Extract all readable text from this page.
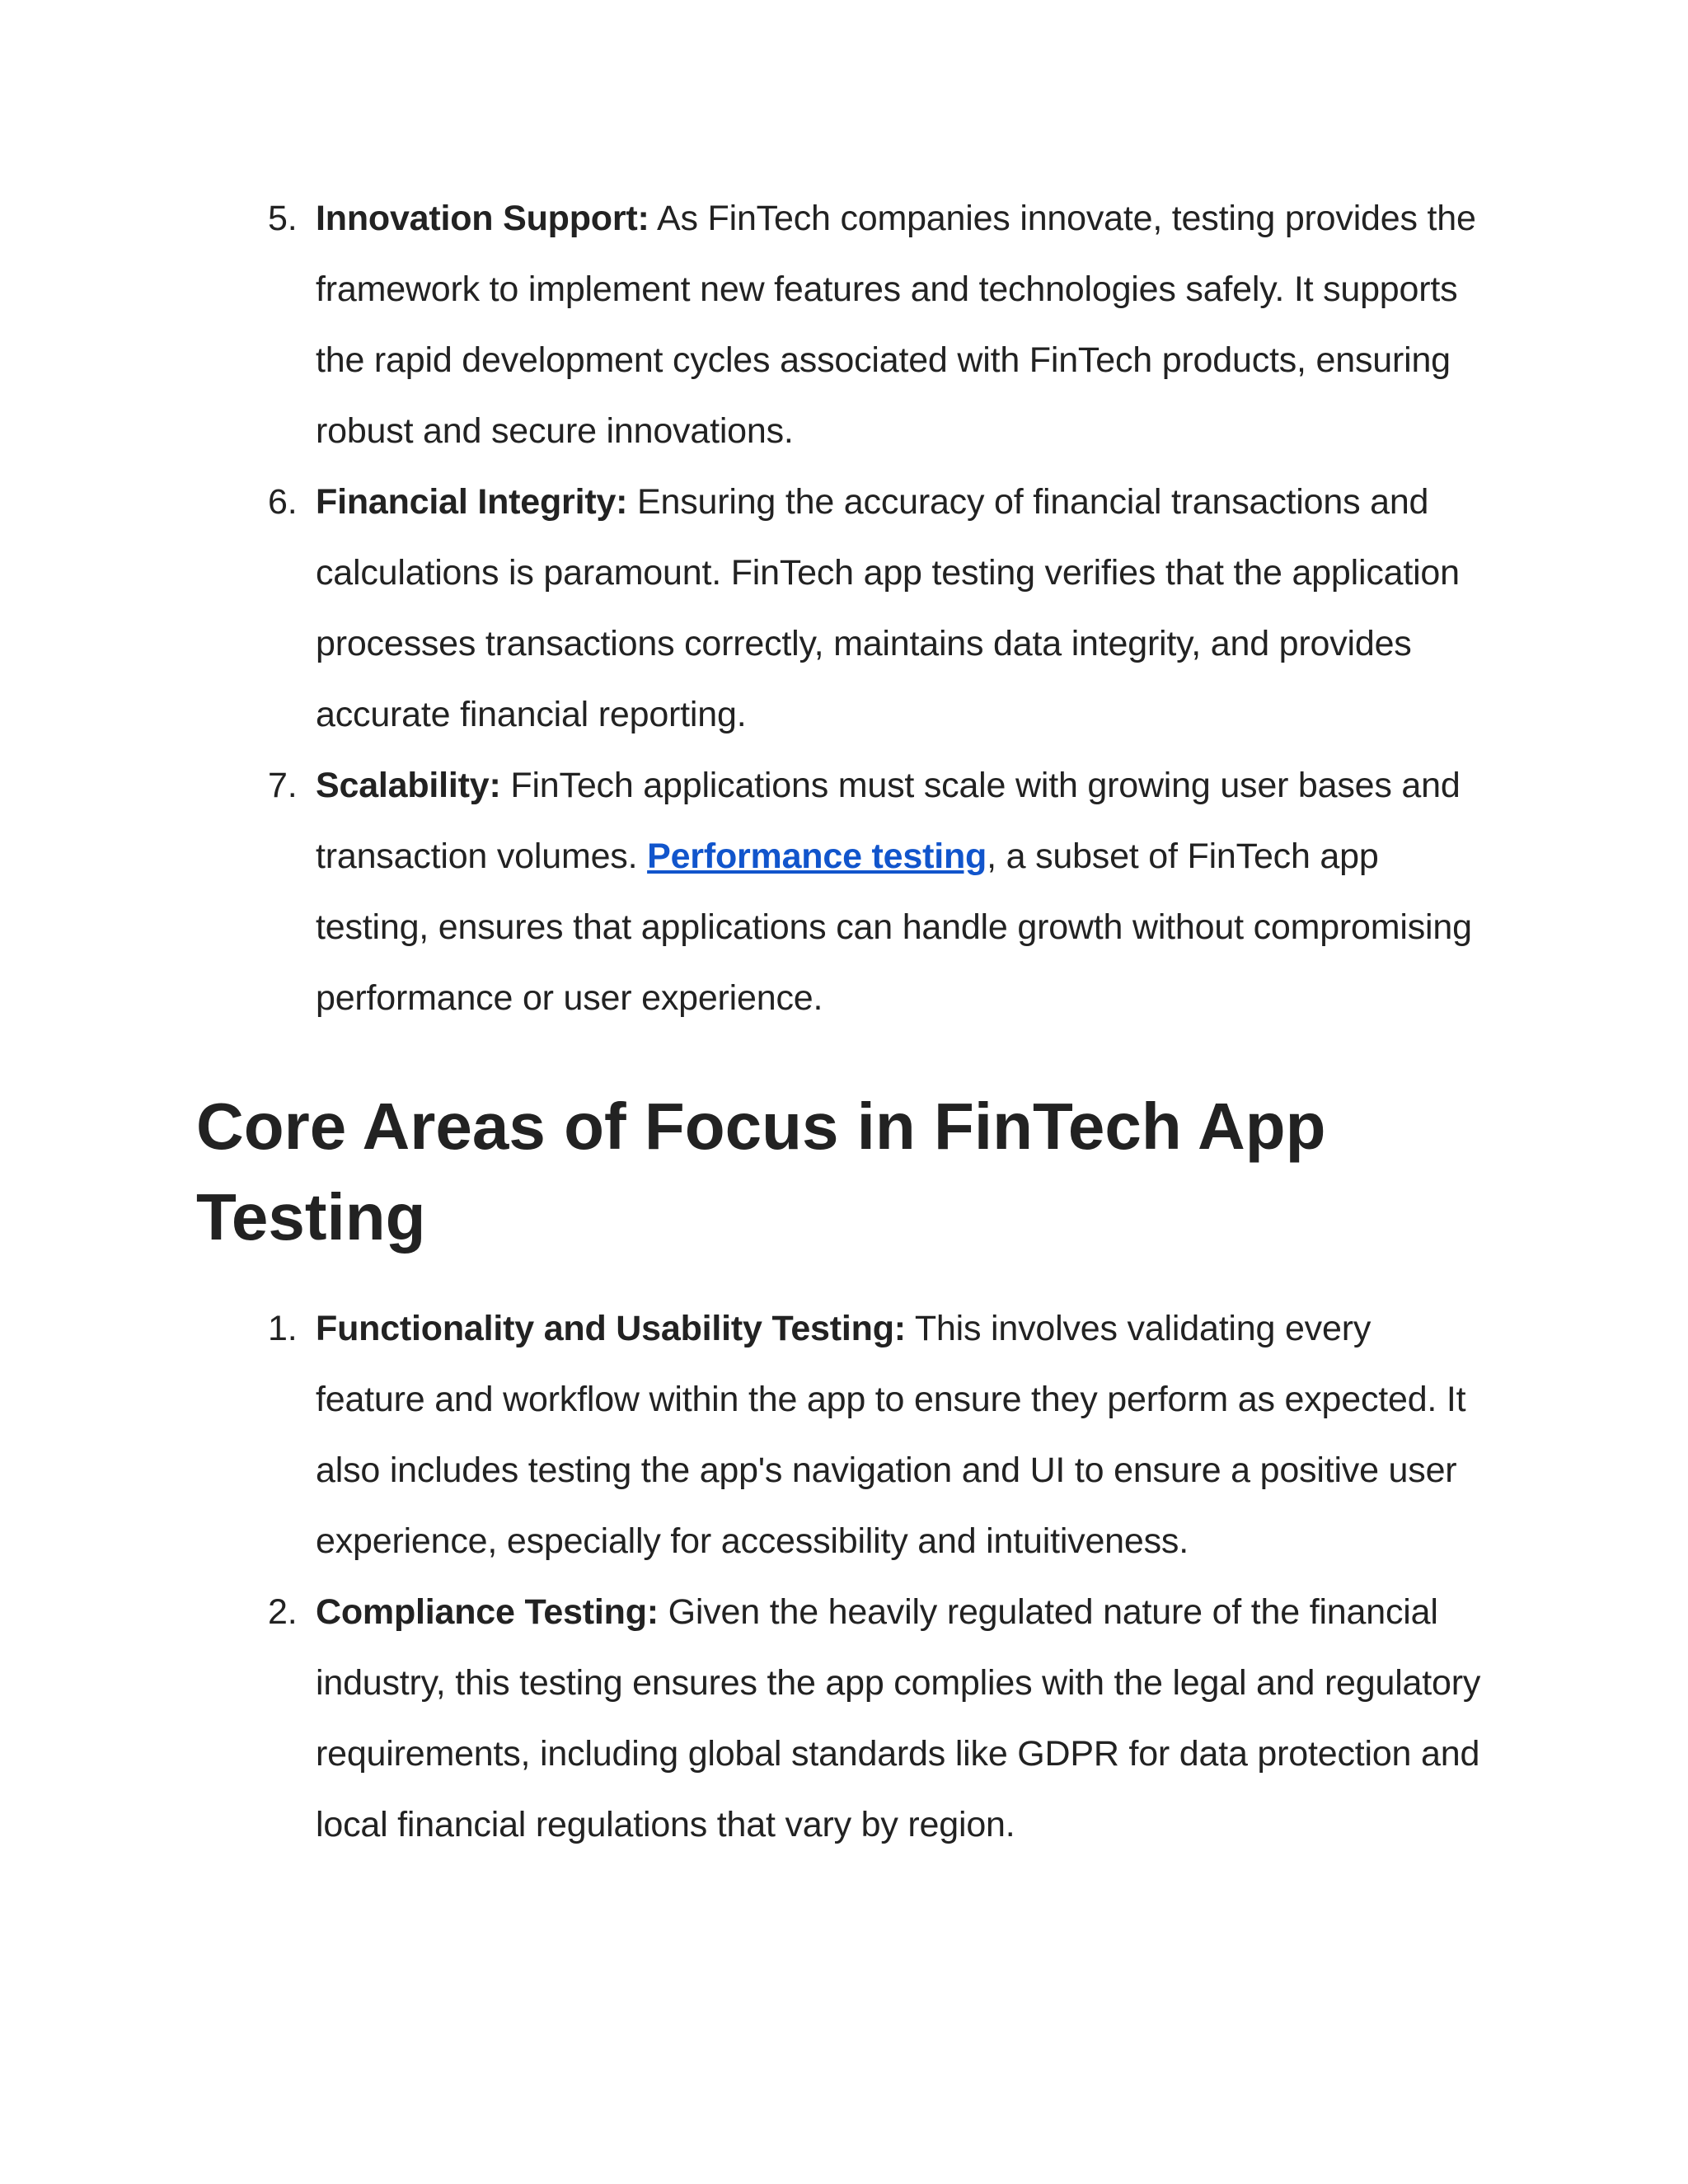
5. Innovation Support: As FinTech companies innovate, testing provides the framework to implement new features and technologies safely. It supports the rapid development cycles associated with FinTech products, ensuring robust and secure innovations.
6. Financial Integrity: Ensuring the accuracy of financial transactions and calculations is paramount. FinTech app testing verifies that the application processes transactions correctly, maintains data integrity, and provides accurate financial reporting.
7. Scalability: FinTech applications must scale with growing user bases and transaction volumes. Performance testing, a subset of FinTech app testing, ensures that applications can handle growth without compromising performance or user experience.
Core Areas of Focus in FinTech App Testing
1. Functionality and Usability Testing: This involves validating every feature and workflow within the app to ensure they perform as expected. It also includes testing the app's navigation and UI to ensure a positive user experience, especially for accessibility and intuitiveness.
2. Compliance Testing: Given the heavily regulated nature of the financial industry, this testing ensures the app complies with the legal and regulatory requirements, including global standards like GDPR for data protection and local financial regulations that vary by region.
